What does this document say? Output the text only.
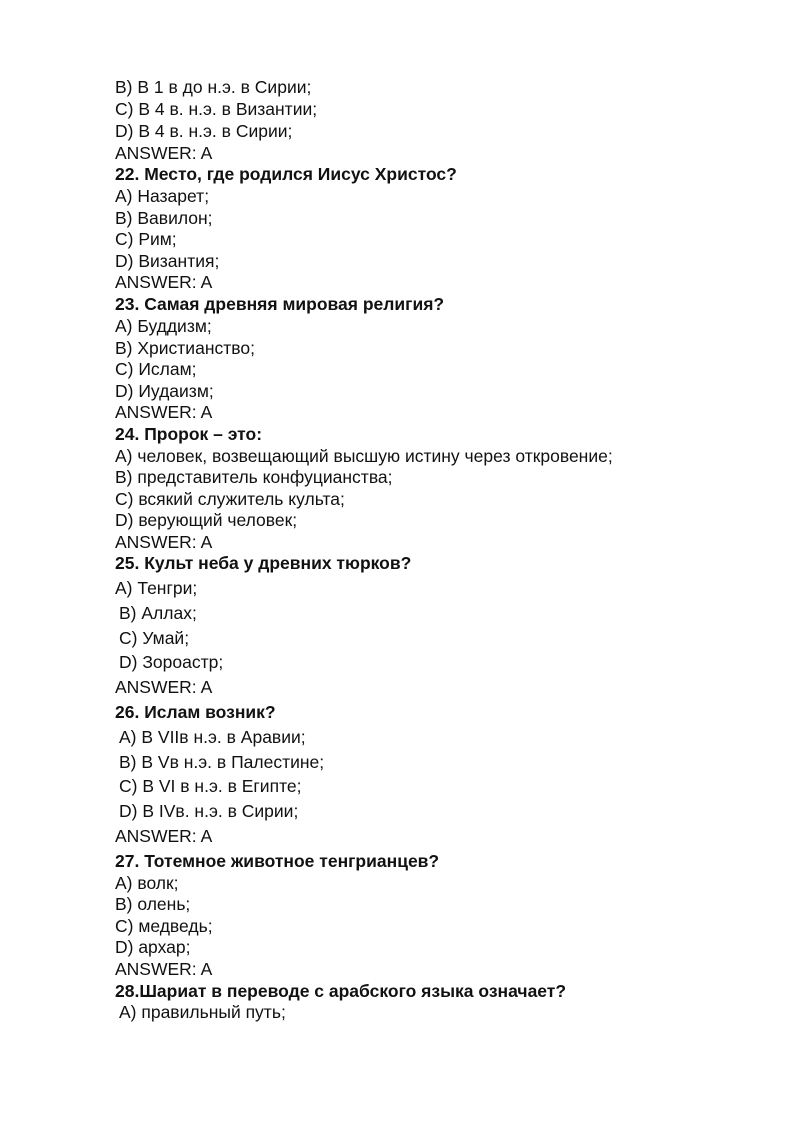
B) В 1 в до н.э. в Сирии;
C) В 4 в. н.э. в Византии;
D) В 4 в. н.э. в Сирии;
ANSWER: A
22. Место, где родился Иисус Христос?
A) Назарет;
B) Вавилон;
C) Рим;
D) Византия;
ANSWER: A
23. Самая древняя мировая религия?
A) Буддизм;
B) Христианство;
C) Ислам;
D) Иудаизм;
ANSWER: A
24. Пророк – это:
A) человек, возвещающий высшую истину через откровение;
B) представитель конфуцианства;
C) всякий служитель культа;
D) верующий человек;
ANSWER: A
25. Культ неба у древних тюрков?
A) Тенгри;
B) Аллах;
C) Умай;
D) Зороастр;
ANSWER: A
26. Ислам возник?
A) В VIIв н.э. в Аравии;
B) В Vв н.э. в Палестине;
C) В VI в н.э. в Египте;
D) В IVв. н.э. в Сирии;
ANSWER: A
27. Тотемное животное тенгрианцев?
A) волк;
B) олень;
C) медведь;
D) архар;
ANSWER: A
28.Шариат в переводе с арабского языка означает?
A) правильный путь;
